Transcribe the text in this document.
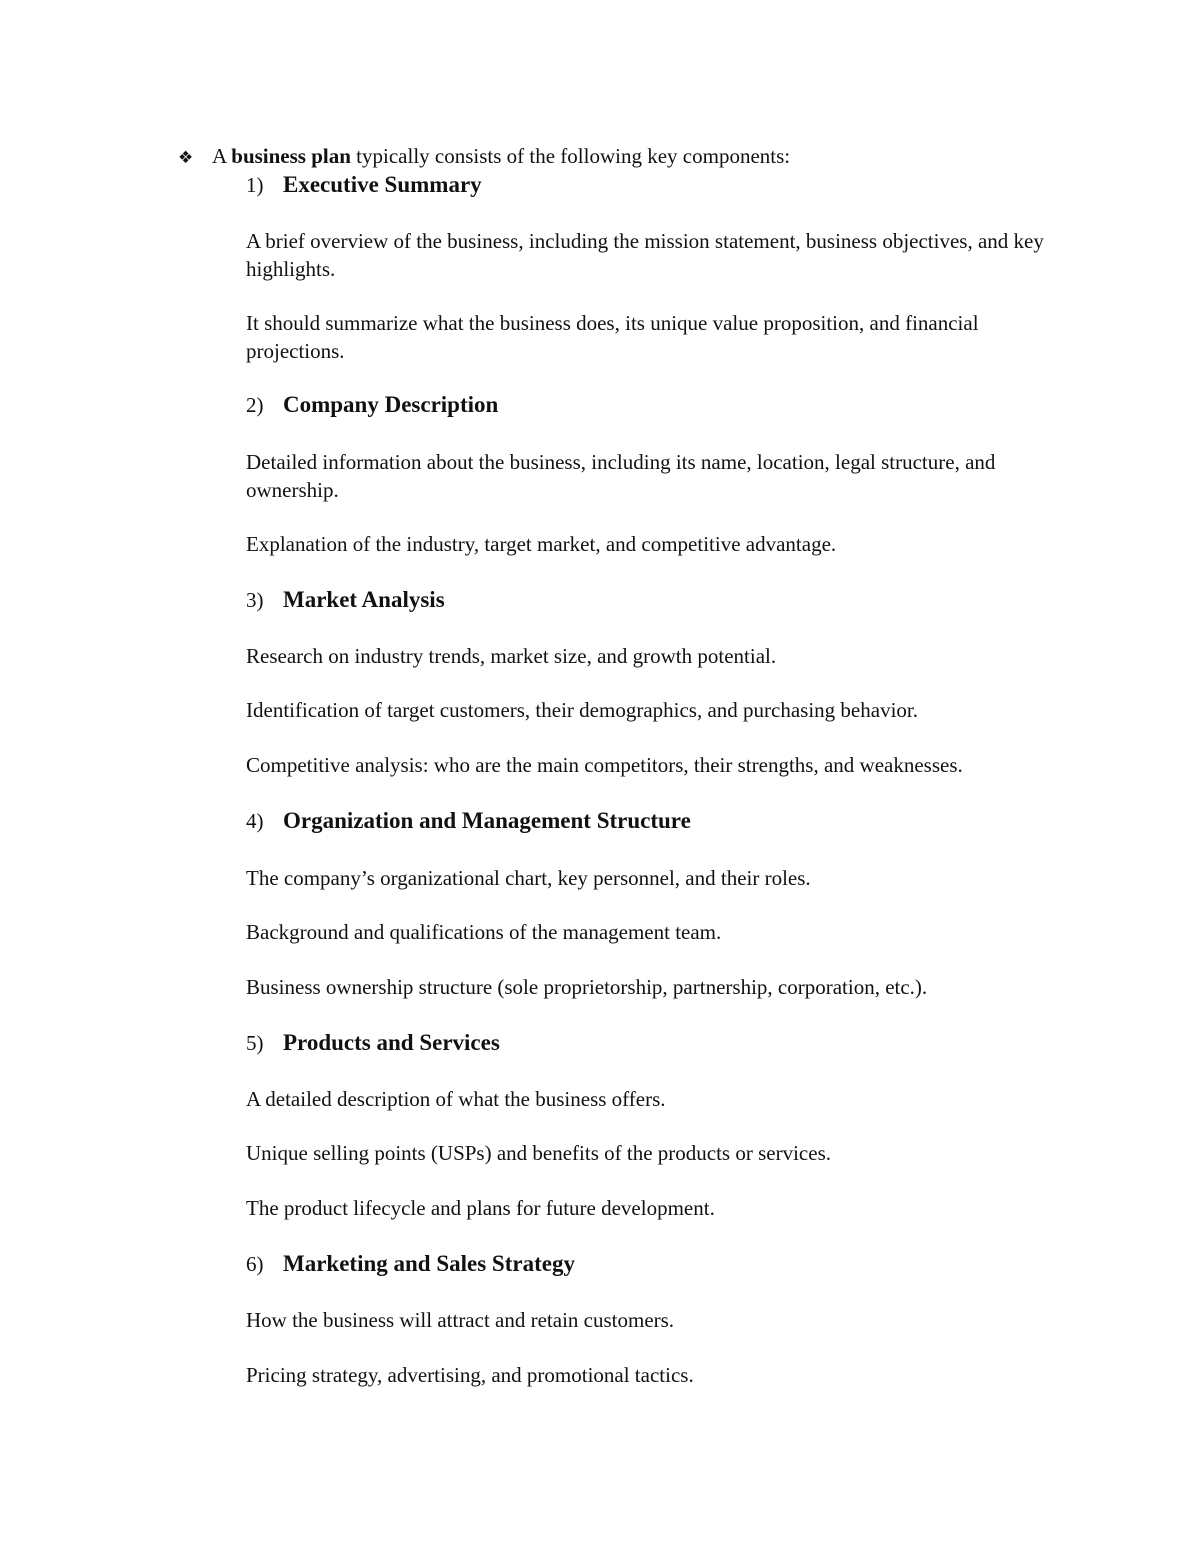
❖ A business plan typically consists of the following key components:
1) Executive Summary
A brief overview of the business, including the mission statement, business objectives, and key highlights.
It should summarize what the business does, its unique value proposition, and financial projections.
2) Company Description
Detailed information about the business, including its name, location, legal structure, and ownership.
Explanation of the industry, target market, and competitive advantage.
3) Market Analysis
Research on industry trends, market size, and growth potential.
Identification of target customers, their demographics, and purchasing behavior.
Competitive analysis: who are the main competitors, their strengths, and weaknesses.
4) Organization and Management Structure
The company’s organizational chart, key personnel, and their roles.
Background and qualifications of the management team.
Business ownership structure (sole proprietorship, partnership, corporation, etc.).
5) Products and Services
A detailed description of what the business offers.
Unique selling points (USPs) and benefits of the products or services.
The product lifecycle and plans for future development.
6) Marketing and Sales Strategy
How the business will attract and retain customers.
Pricing strategy, advertising, and promotional tactics.
